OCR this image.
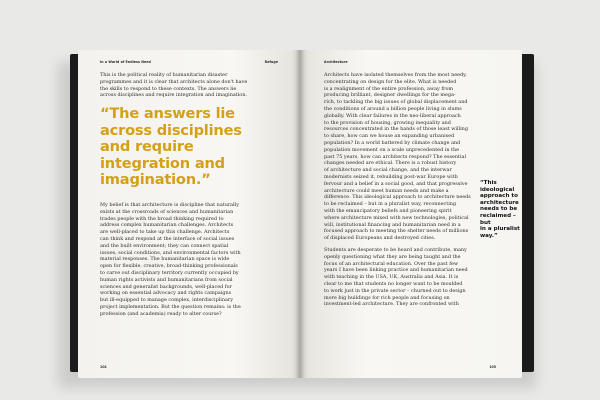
In a World of Endless Need	Refuge
This is the political reality of humanitarian disaster
programmes and it is clear that architects alone don't have
the skills to respond to these contexts. The answers lie
across disciplines and require integration and imagination.
“The answers lie
across disciplines
and require
integration and
imagination.”
My belief is that architecture is discipline that naturally
exists at the crossroads of sciences and humanitarian
trades people with the broad thinking required to
address complex humanitarian challenges. Architects
are well-placed to take up this challenge. Architects
can think and respond at the interface of social issues
and the built environment; they can connect spatial
issues, social conditions, and environmental factors with
material responses. The humanitarian space is wide
open for flexible, creative, broad-thinking professionals
to carve out disciplinary territory currently occupied by
human rights activists and humanitarians from social
sciences and generalist backgrounds, well-placed for
working on essential advocacy and rights campaigns
but ill-equipped to manage complex, interdisciplinary
project implementation. But the question remains: is the
profession (and academia) ready to alter course?
104
Architecture
Architects have isolated themselves from the most needy,
concentrating on design for the elite. What is needed
is a realignment of the entire profession, away from
producing brilliant, designer dwellings for the mega-
rich, to tackling the big issues of global displacement and
the conditions of around a billion people living in slums
globally. With clear failures in the neo-liberal approach
to the provision of housing, growing inequality and
resources concentrated in the hands of those least willing
to share, how can we house an expanding urbanised
population? In a world battered by climate change and
population movement on a scale unprecedented in the
past 75 years, how can architects respond? The essential
changes needed are ethical. There is a robust history
of architecture and social change, and the interwar
modernists seized it, rebuilding post-war Europe with
fervour and a belief in a social good, and that progressive
architecture could meet human needs and make a
difference. This ideological approach to architecture needs
to be reclaimed – but in a pluralist way, reconnecting
with the emancipatory beliefs and pioneering spirit
where architecture mixed with new technologies, political
will, institutional financing and humanitarian need in a
focused approach to meeting the shelter needs of millions
of displaced Europeans and destroyed cities.
Students are desperate to be heard and contribute, many
openly questioning what they are being taught and the
focus of an architectural education. Over the past few
years I have been linking practice and humanitarian need
with teaching in the USA, UK, Australia and Asia. It is
clear to me that students no longer want to be moulded
to work just in the private sector – churned out to design
more big buildings for rich people and focusing on
investment-led architecture. They are confronted with
“This ideological
approach to
architecture
needs to be
reclaimed – but
in a pluralist
way.”
105
